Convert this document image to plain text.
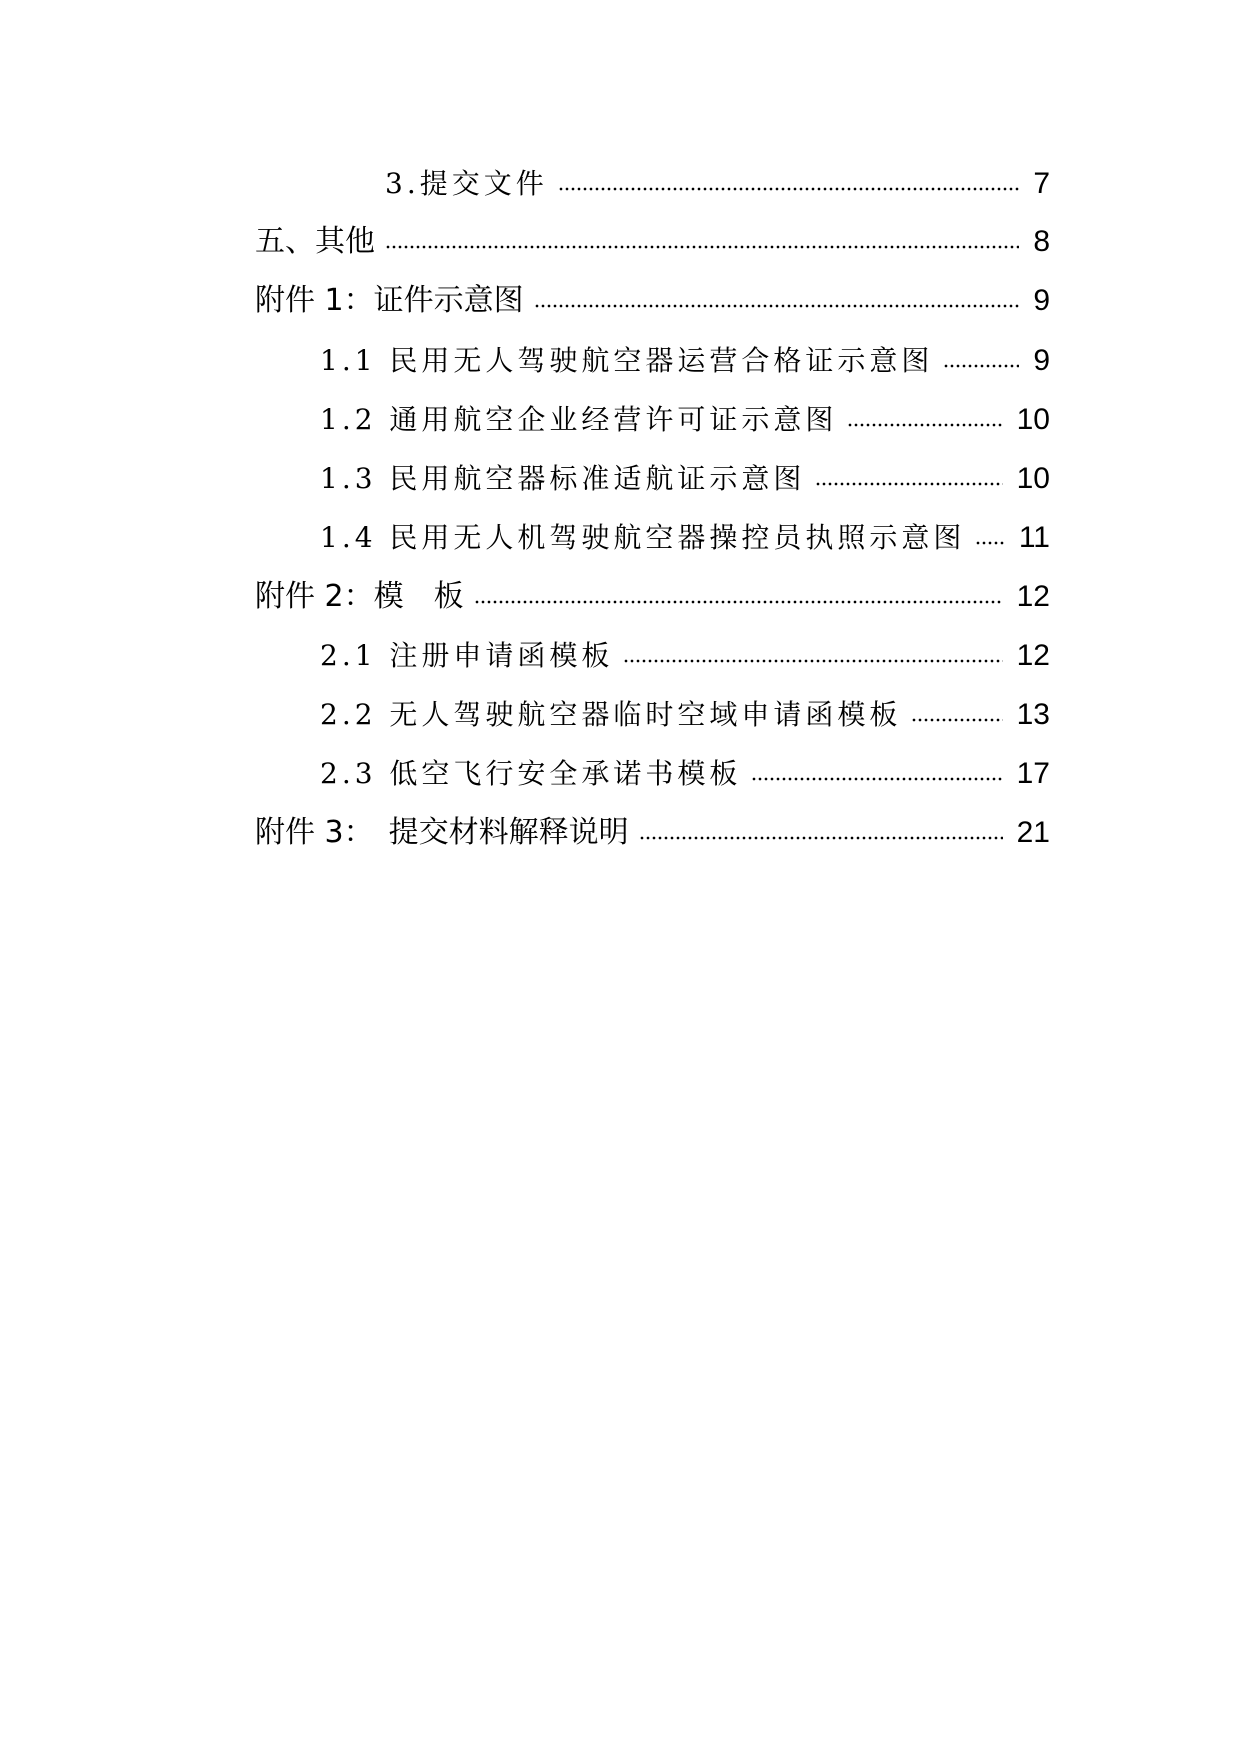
3.提交文件	7
五、其他	8
附件 1：证件示意图	9
1.1 民用无人驾驶航空器运营合格证示意图	9
1.2 通用航空企业经营许可证示意图	10
1.3 民用航空器标准适航证示意图	10
1.4 民用无人机驾驶航空器操控员执照示意图 11
附件 2：模　板	12
2.1 注册申请函模板	12
2.2 无人驾驶航空器临时空域申请函模板	13
2.3 低空飞行安全承诺书模板	17
附件 3：　提交材料解释说明	21
